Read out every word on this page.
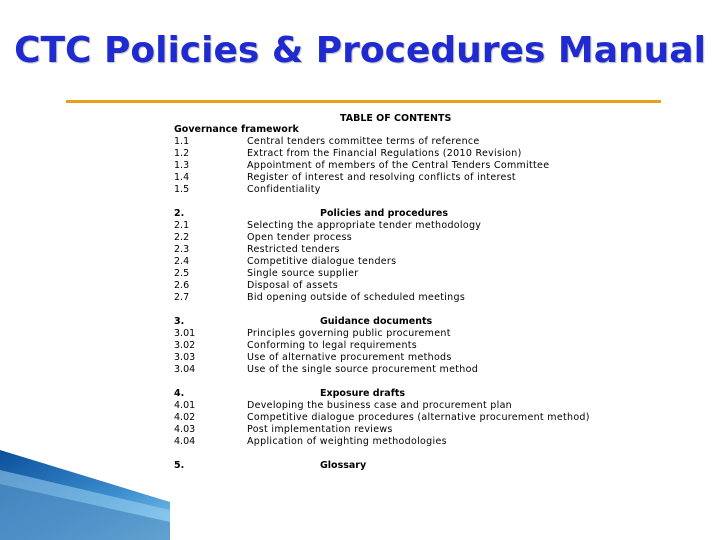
CTC Policies & Procedures Manual
TABLE OF CONTENTS
Governance framework
1.1	Central tenders committee terms of reference
1.2	Extract from the Financial Regulations (2010 Revision)
1.3	Appointment of members of the Central Tenders Committee
1.4	Register of interest and resolving conflicts of interest
1.5	Confidentiality
2.	Policies and procedures
2.1	Selecting the appropriate tender methodology
2.2	Open tender process
2.3	Restricted tenders
2.4	Competitive dialogue tenders
2.5	Single source supplier
2.6	Disposal of assets
2.7	Bid opening outside of scheduled meetings
3.	Guidance documents
3.01	Principles governing public procurement
3.02	Conforming to legal requirements
3.03	Use of alternative procurement methods
3.04	Use of the single source procurement method
4.	Exposure drafts
4.01	Developing the business case and procurement plan
4.02	Competitive dialogue procedures (alternative procurement method)
4.03	Post implementation reviews
4.04	Application of weighting methodologies
5.	Glossary
